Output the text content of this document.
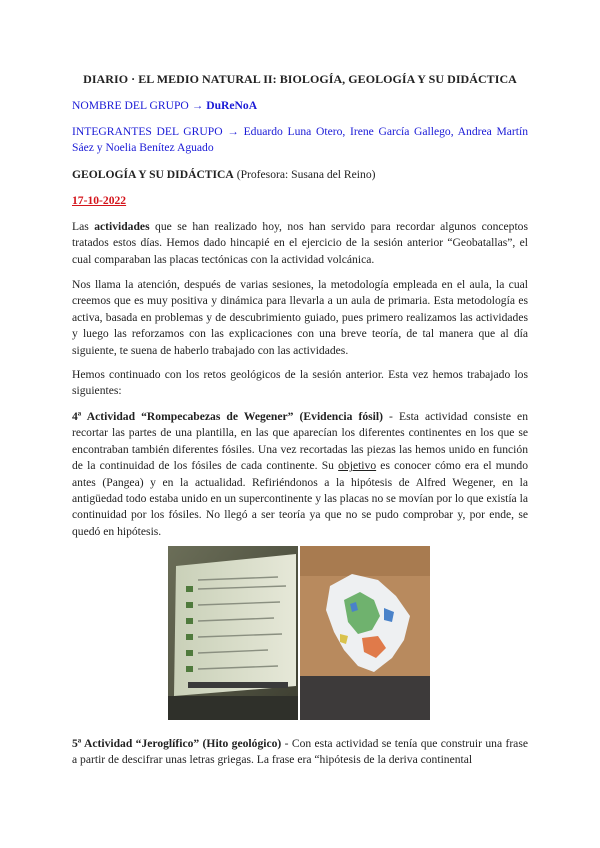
DIARIO · EL MEDIO NATURAL II: BIOLOGÍA, GEOLOGÍA Y SU DIDÁCTICA
NOMBRE DEL GRUPO → DuReNoA
INTEGRANTES DEL GRUPO → Eduardo Luna Otero, Irene García Gallego, Andrea Martín Sáez y Noelia Benítez Aguado
GEOLOGÍA Y SU DIDÁCTICA (Profesora: Susana del Reino)
17-10-2022
Las actividades que se han realizado hoy, nos han servido para recordar algunos conceptos tratados estos días. Hemos dado hincapié en el ejercicio de la sesión anterior “Geobatallas”, el cual comparaban las placas tectónicas con la actividad volcánica.
Nos llama la atención, después de varias sesiones, la metodología empleada en el aula, la cual creemos que es muy positiva y dinámica para llevarla a un aula de primaria. Esta metodología es activa, basada en problemas y de descubrimiento guiado, pues primero realizamos las actividades y luego las reforzamos con las explicaciones con una breve teoría, de tal manera que al día siguiente, te suena de haberlo trabajado con las actividades.
Hemos continuado con los retos geológicos de la sesión anterior. Esta vez hemos trabajado los siguientes:
4ª Actividad “Rompecabezas de Wegener” (Evidencia fósil) - Esta actividad consiste en recortar las partes de una plantilla, en las que aparecían los diferentes continentes en los que se encontraban también diferentes fósiles. Una vez recortadas las piezas las hemos unido en función de la continuidad de los fósiles de cada continente. Su objetivo es conocer cómo era el mundo antes (Pangea) y en la actualidad. Refiriéndonos a la hipótesis de Alfred Wegener, en la antigüedad todo estaba unido en un supercontinente y las placas no se movían por lo que existía la continuidad por los fósiles. No llegó a ser teoría ya que no se pudo comprobar y, por ende, se quedó en hipótesis.
5ª Actividad “Jeroglífico” (Hito geológico) - Con esta actividad se tenía que construir una frase a partir de descifrar unas letras griegas. La frase era “hipótesis de la deriva continental
